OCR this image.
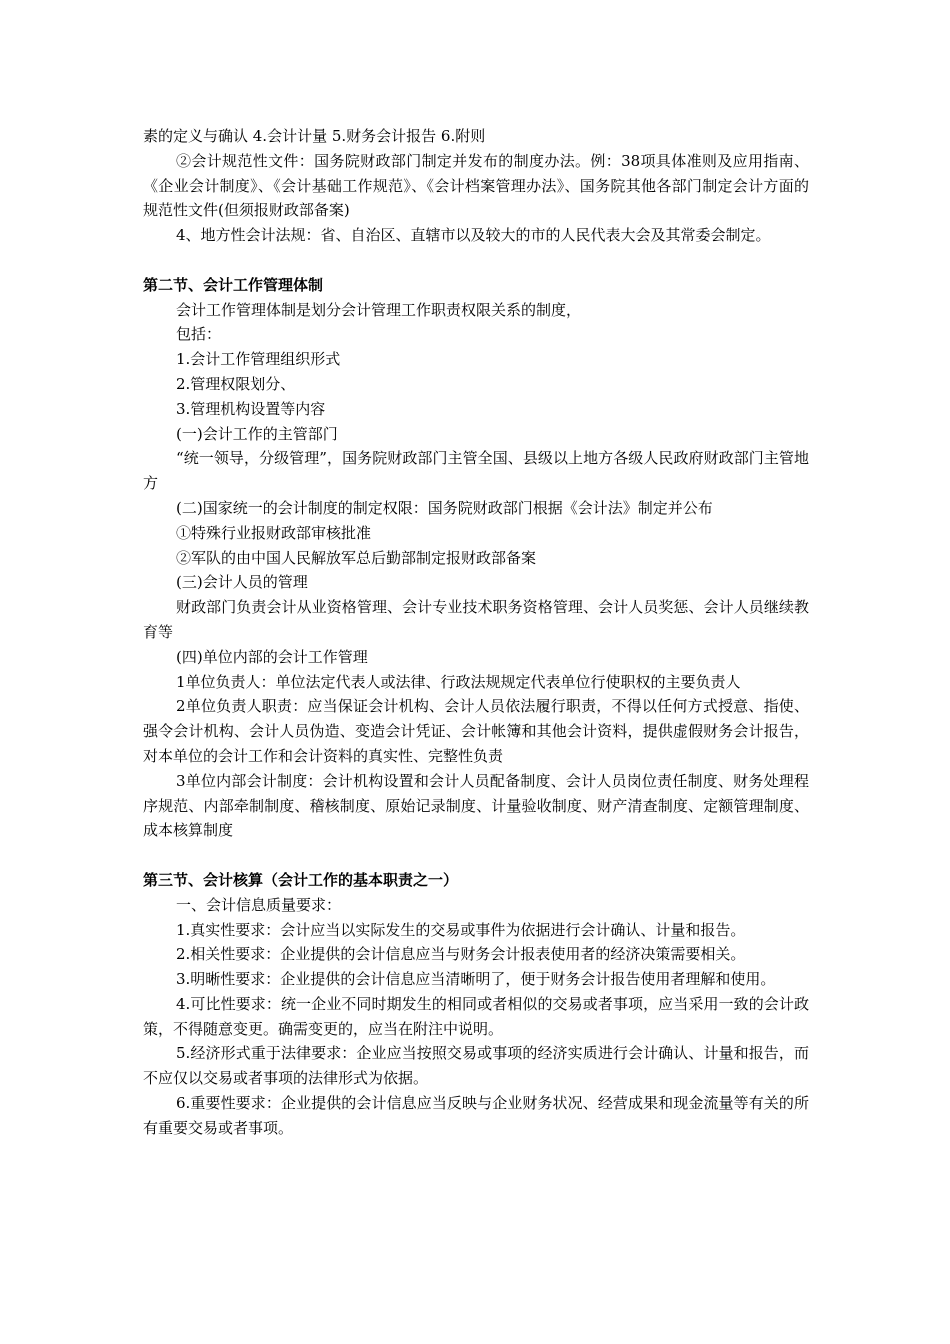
素的定义与确认 4.会计计量 5.财务会计报告 6.附则

②会计规范性文件：国务院财政部门制定并发布的制度办法。例：38项具体准则及应用指南、《企业会计制度》、《会计基础工作规范》、《会计档案管理办法》、国务院其他各部门制定会计方面的规范性文件(但须报财政部备案)

4、地方性会计法规：省、自治区、直辖市以及较大的市的人民代表大会及其常委会制定。

第二节、会计工作管理体制

会计工作管理体制是划分会计管理工作职责权限关系的制度，

包括：

1.会计工作管理组织形式

2.管理权限划分、

3.管理机构设置等内容

(一)会计工作的主管部门

“统一领导，分级管理”，国务院财政部门主管全国、县级以上地方各级人民政府财政部门主管地方

(二)国家统一的会计制度的制定权限：国务院财政部门根据《会计法》制定并公布

①特殊行业报财政部审核批准

②军队的由中国人民解放军总后勤部制定报财政部备案

(三)会计人员的管理

财政部门负责会计从业资格管理、会计专业技术职务资格管理、会计人员奖惩、会计人员继续教育等

(四)单位内部的会计工作管理

1单位负责人：单位法定代表人或法律、行政法规规定代表单位行使职权的主要负责人

2单位负责人职责：应当保证会计机构、会计人员依法履行职责，不得以任何方式授意、指使、强令会计机构、会计人员伪造、变造会计凭证、会计帐簿和其他会计资料，提供虚假财务会计报告，对本单位的会计工作和会计资料的真实性、完整性负责

3单位内部会计制度：会计机构设置和会计人员配备制度、会计人员岗位责任制度、财务处理程序规范、内部牵制制度、稽核制度、原始记录制度、计量验收制度、财产清查制度、定额管理制度、成本核算制度

第三节、会计核算（会计工作的基本职责之一）

一、会计信息质量要求：

1.真实性要求：会计应当以实际发生的交易或事件为依据进行会计确认、计量和报告。

2.相关性要求：企业提供的会计信息应当与财务会计报表使用者的经济决策需要相关。

3.明晰性要求：企业提供的会计信息应当清晰明了，便于财务会计报告使用者理解和使用。

4.可比性要求：统一企业不同时期发生的相同或者相似的交易或者事项，应当采用一致的会计政策，不得随意变更。确需变更的，应当在附注中说明。

5.经济形式重于法律要求：企业应当按照交易或事项的经济实质进行会计确认、计量和报告，而不应仅以交易或者事项的法律形式为依据。

6.重要性要求：企业提供的会计信息应当反映与企业财务状况、经营成果和现金流量等有关的所有重要交易或者事项。
